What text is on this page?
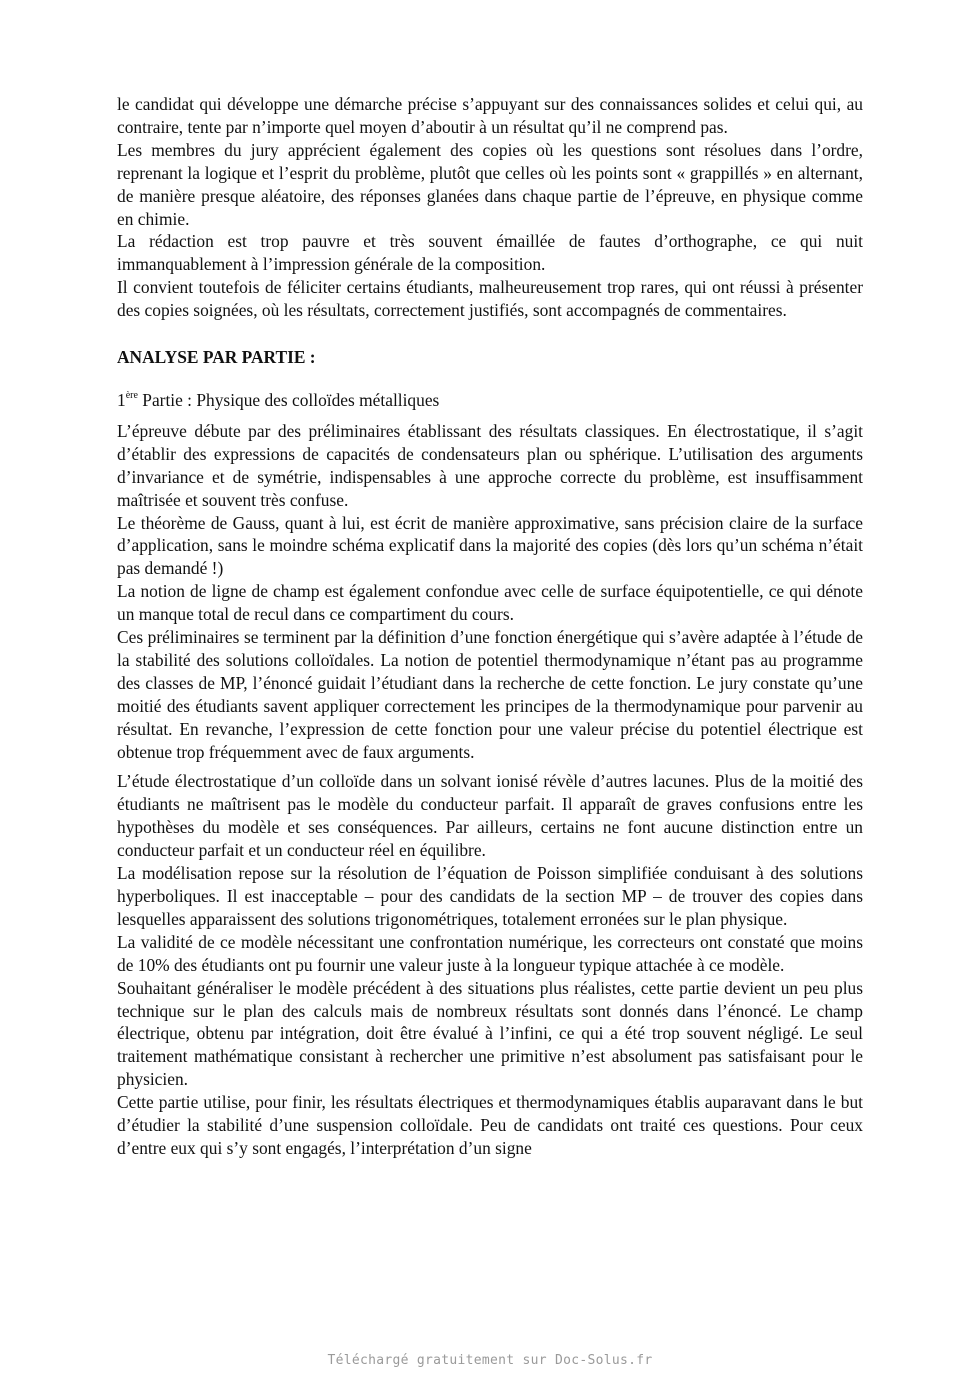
le candidat qui développe une démarche précise s’appuyant sur des connaissances solides et celui qui, au contraire, tente par n’importe quel moyen d’aboutir à un résultat qu’il ne comprend pas.

Les membres du jury apprécient également des copies où les questions sont résolues dans l’ordre, reprenant la logique et l’esprit du problème, plutôt que celles où les points sont « grappillés » en alternant, de manière presque aléatoire, des réponses glanées dans chaque partie de l’épreuve, en physique comme en chimie.

La rédaction est trop pauvre et très souvent émaillée de fautes d’orthographe, ce qui nuit immanquablement à l’impression générale de la composition.

Il convient toutefois de féliciter certains étudiants, malheureusement trop rares, qui ont réussi à présenter des copies soignées, où les résultats, correctement justifiés, sont accompagnés de commentaires.

ANALYSE PAR PARTIE :
1ère Partie : Physique des colloïdes métalliques

L’épreuve débute par des préliminaires établissant des résultats classiques. En électrostatique, il s’agit d’établir des expressions de capacités de condensateurs plan ou sphérique. L’utilisation des arguments d’invariance et de symétrie, indispensables à une approche correcte du problème, est insuffisamment maîtrisée et souvent très confuse.

Le théorème de Gauss, quant à lui, est écrit de manière approximative, sans précision claire de la surface d’application, sans le moindre schéma explicatif dans la majorité des copies (dès lors qu’un schéma n’était pas demandé !)

La notion de ligne de champ est également confondue avec celle de surface équipotentielle, ce qui dénote un manque total de recul dans ce compartiment du cours.

Ces préliminaires se terminent par la définition d’une fonction énergétique qui s’avère adaptée à l’étude de la stabilité des solutions colloïdales. La notion de potentiel thermodynamique n’étant pas au programme des classes de MP, l’énoncé guidait l’étudiant dans la recherche de cette fonction. Le jury constate qu’une moitié des étudiants savent appliquer correctement les principes de la thermodynamique pour parvenir au résultat. En revanche, l’expression de cette fonction pour une valeur précise du potentiel électrique est obtenue trop fréquemment avec de faux arguments.

L’étude électrostatique d’un colloïde dans un solvant ionisé révèle d’autres lacunes. Plus de la moitié des étudiants ne maîtrisent pas le modèle du conducteur parfait. Il apparaît de graves confusions entre les hypothèses du modèle et ses conséquences. Par ailleurs, certains ne font aucune distinction entre un conducteur parfait et un conducteur réel en équilibre.

La modélisation repose sur la résolution de l’équation de Poisson simplifiée conduisant à des solutions hyperboliques. Il est inacceptable – pour des candidats de la section MP – de trouver des copies dans lesquelles apparaissent des solutions trigonométriques, totalement erronées sur le plan physique.

La validité de ce modèle nécessitant une confrontation numérique, les correcteurs ont constaté que moins de 10% des étudiants ont pu fournir une valeur juste à la longueur typique attachée à ce modèle.

Souhaitant généraliser le modèle précédent à des situations plus réalistes, cette partie devient un peu plus technique sur le plan des calculs mais de nombreux résultats sont donnés dans l’énoncé. Le champ électrique, obtenu par intégration, doit être évalué à l’infini, ce qui a été trop souvent négligé. Le seul traitement mathématique consistant à rechercher une primitive n’est absolument pas satisfaisant pour le physicien.

Cette partie utilise, pour finir, les résultats électriques et thermodynamiques établis auparavant dans le but d’étudier la stabilité d’une suspension colloïdale. Peu de candidats ont traité ces questions. Pour ceux d’entre eux qui s’y sont engagés, l’interprétation d’un signe

Téléchargé gratuitement sur Doc-Solus.fr
